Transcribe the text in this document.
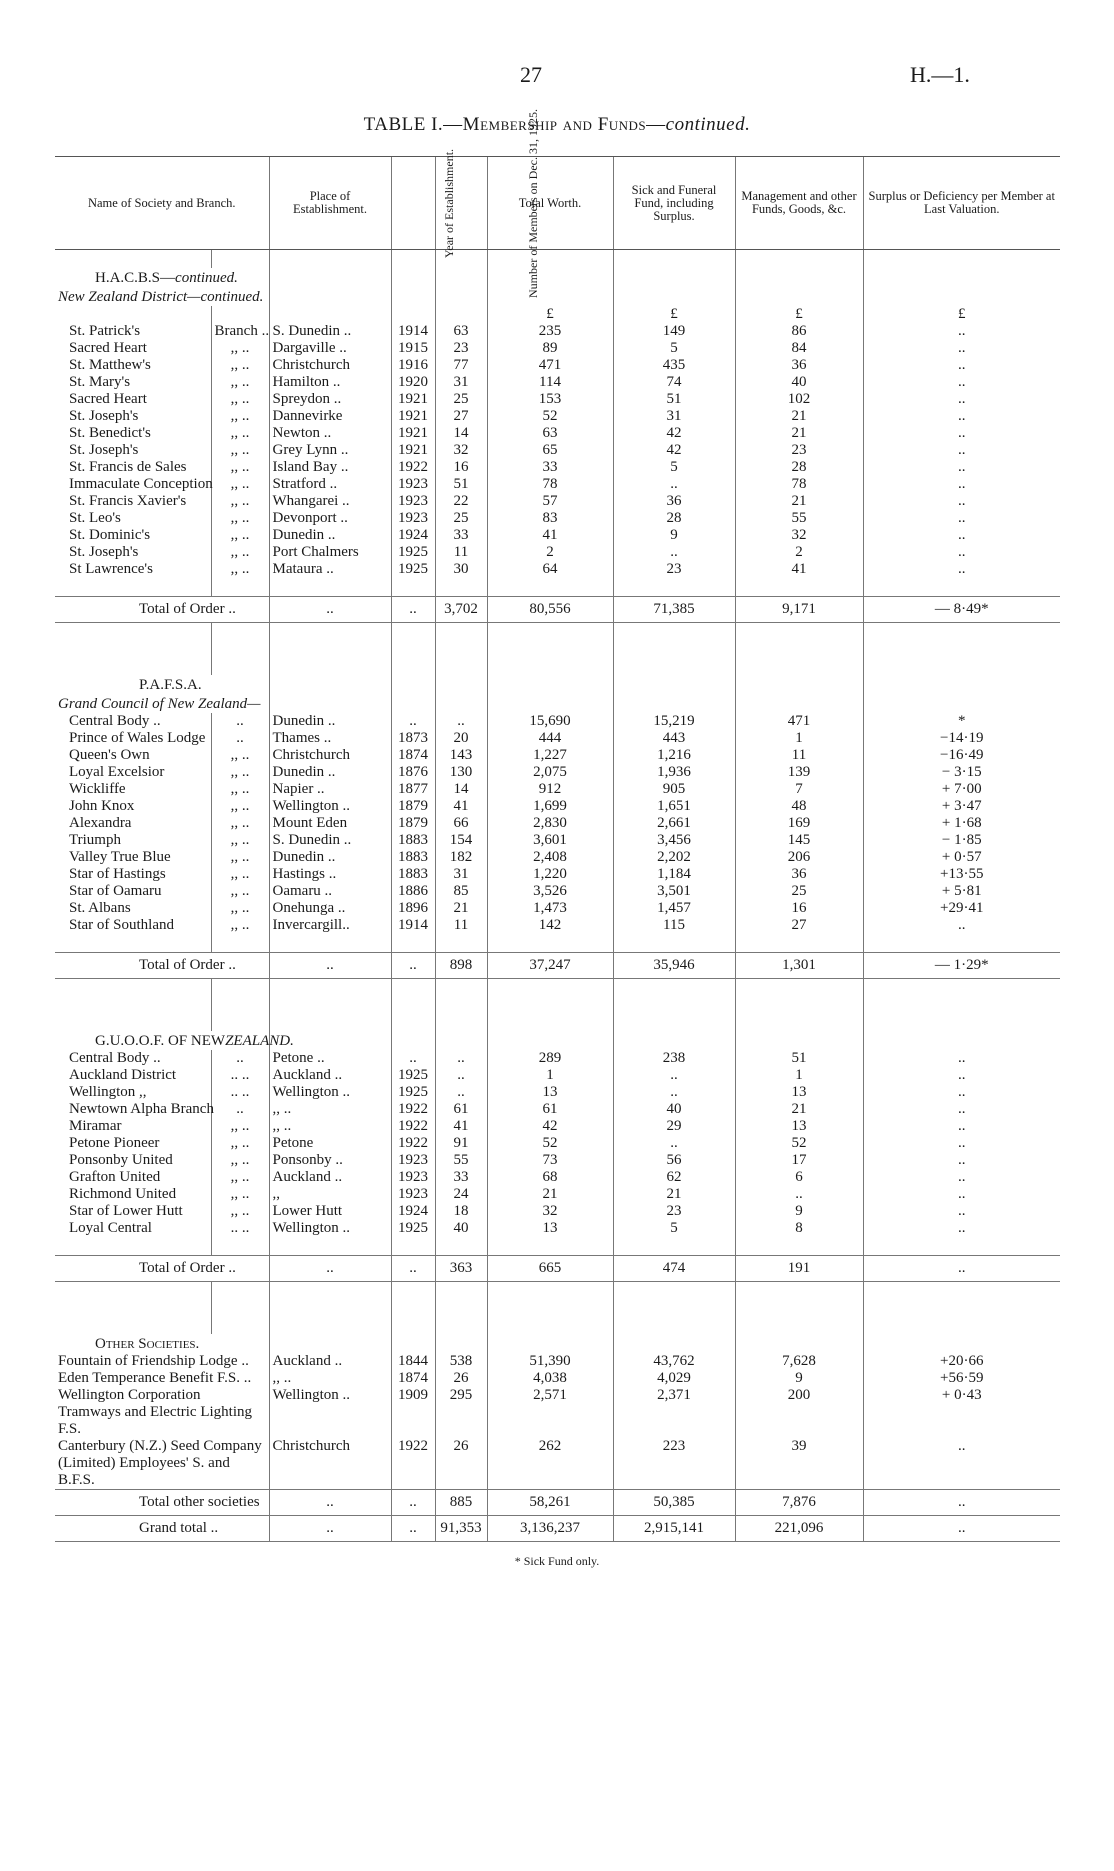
27	H.—1.
TABLE I.—Membership and Funds—continued.
Name of Society and Branch.		Place of Establishment.	Year of Establishment.	Number of Members on Dec. 31, 1925.	Total Worth.	Sick and Funeral Fund, including Surplus.	Management and other Funds, Goods, &c.	Surplus or Deficiency per Member at Last Valuation.

H.A.C.B.S—continued.								
New Zealand District—continued.								
					£	£	£	£
St. Patrick's	Branch ..	S. Dunedin ..	1914	63	235	149	86	..
Sacred Heart	,, ..	Dargaville ..	1915	23	89	5	84	..
St. Matthew's	,, ..	Christchurch	1916	77	471	435	36	..
St. Mary's	,, ..	Hamilton ..	1920	31	114	74	40	..
Sacred Heart	,, ..	Spreydon ..	1921	25	153	51	102	..
St. Joseph's	,, ..	Dannevirke	1921	27	52	31	21	..
St. Benedict's	,, ..	Newton ..	1921	14	63	42	21	..
St. Joseph's	,, ..	Grey Lynn ..	1921	32	65	42	23	..
St. Francis de Sales	,, ..	Island Bay ..	1922	16	33	5	28	..
Immaculate Conception	,, ..	Stratford ..	1923	51	78	..	78	..
St. Francis Xavier's	,, ..	Whangarei ..	1923	22	57	36	21	..
St. Leo's	,, ..	Devonport ..	1923	25	83	28	55	..
St. Dominic's	,, ..	Dunedin ..	1924	33	41	9	32	..
St. Joseph's	,, ..	Port Chalmers	1925	11	2	..	2	..
St Lawrence's	,, ..	Mataura ..	1925	30	64	23	41	..

Total of Order ..		..	..	3,702	80,556	71,385	9,171	— 8·49*

P.A.F.S.A.								
Grand Council of New Zealand—								
Central Body ..	..	Dunedin ..	..	..	15,690	15,219	471	*
Prince of Wales Lodge	..	Thames ..	1873	20	444	443	1	−14·19
Queen's Own	,, ..	Christchurch	1874	143	1,227	1,216	11	−16·49
Loyal Excelsior	,, ..	Dunedin ..	1876	130	2,075	1,936	139	− 3·15
Wickliffe	,, ..	Napier ..	1877	14	912	905	7	+ 7·00
John Knox	,, ..	Wellington ..	1879	41	1,699	1,651	48	+ 3·47
Alexandra	,, ..	Mount Eden	1879	66	2,830	2,661	169	+ 1·68
Triumph	,, ..	S. Dunedin ..	1883	154	3,601	3,456	145	− 1·85
Valley True Blue	,, ..	Dunedin ..	1883	182	2,408	2,202	206	+ 0·57
Star of Hastings	,, ..	Hastings ..	1883	31	1,220	1,184	36	+13·55
Star of Oamaru	,, ..	Oamaru ..	1886	85	3,526	3,501	25	+ 5·81
St. Albans	,, ..	Onehunga ..	1896	21	1,473	1,457	16	+29·41
Star of Southland	,, ..	Invercargill..	1914	11	142	115	27	..

Total of Order ..		..	..	898	37,247	35,946	1,301	— 1·29*

G.U.O.O.F. OF NEWZEALAND.								
Central Body ..	..	Petone ..	..	..	289	238	51	..
Auckland District	.. ..	Auckland ..	1925	..	1	..	1	..
Wellington ,,	.. ..	Wellington ..	1925	..	13	..	13	..
Newtown Alpha Branch	..	,, ..	1922	61	61	40	21	..
Miramar	,, ..	,, ..	1922	41	42	29	13	..
Petone Pioneer	,, ..	Petone	1922	91	52	..	52	..
Ponsonby United	,, ..	Ponsonby ..	1923	55	73	56	17	..
Grafton United	,, ..	Auckland ..	1923	33	68	62	6	..
Richmond United	,, ..	,,	1923	24	21	21	..	..
Star of Lower Hutt	,, ..	Lower Hutt	1924	18	32	23	9	..
Loyal Central	.. ..	Wellington ..	1925	40	13	5	8	..

Total of Order ..		..	..	363	665	474	191	..

Other Societies.								
Fountain of Friendship Lodge ..		Auckland ..	1844	538	51,390	43,762	7,628	+20·66
Eden Temperance Benefit F.S. ..		,, ..	1874	26	4,038	4,029	9	+56·59
Wellington Corporation Tramways and Electric Lighting F.S.		Wellington ..	1909	295	2,571	2,371	200	+ 0·43
Canterbury (N.Z.) Seed Company (Limited) Employees' S. and B.F.S.		Christchurch	1922	26	262	223	39	..
Total other societies		..	..	885	58,261	50,385	7,876	..
Grand total ..		..	..	91,353	3,136,237	2,915,141	221,096	..
* Sick Fund only.
